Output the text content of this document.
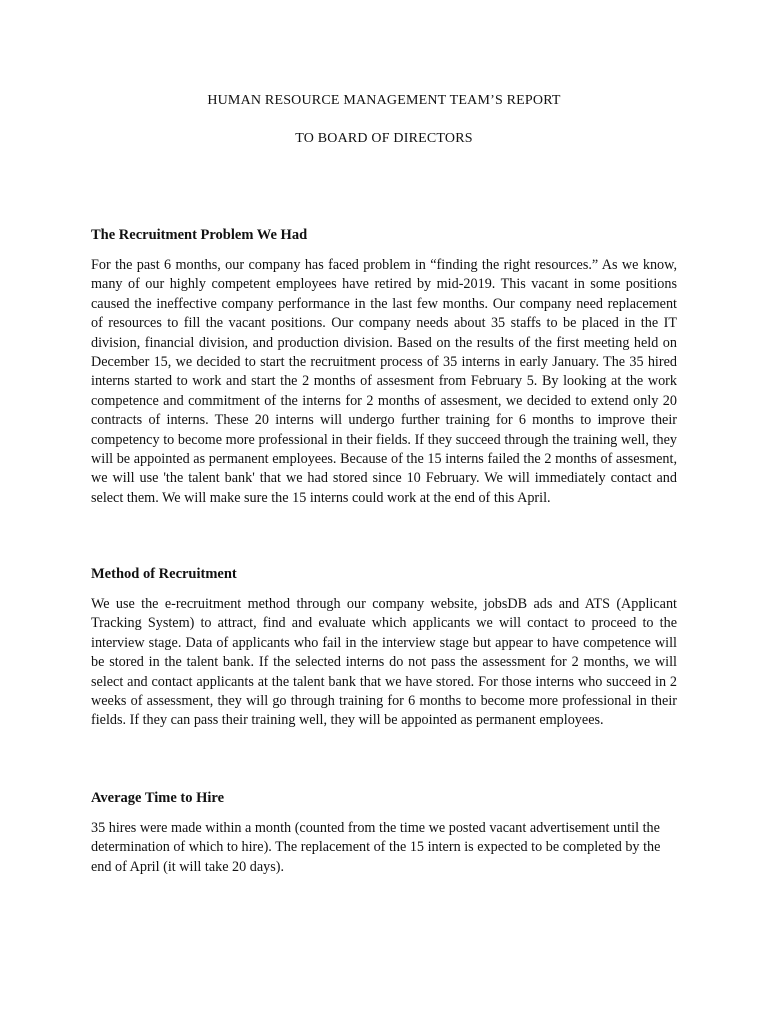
HUMAN RESOURCE MANAGEMENT TEAM’S REPORT
TO BOARD OF DIRECTORS
The Recruitment Problem We Had

For the past 6 months, our company has faced problem in “finding the right resources.” As we know, many of our highly competent employees have retired by mid-2019. This vacant in some positions caused the ineffective company performance in the last few months. Our company need replacement of resources to fill the vacant positions. Our company needs about 35 staffs to be placed in the IT division, financial division, and production division. Based on the results of the first meeting held on December 15, we decided to start the recruitment process of 35 interns in early January. The 35 hired interns started to work and start the 2 months of assesment from February 5. By looking at the work competence and commitment of the interns for 2 months of assesment, we decided to extend only 20 contracts of interns. These 20 interns will undergo further training for 6 months to improve their competency to become more professional in their fields. If they succeed through the training well, they will be appointed as permanent employees. Because of the 15 interns failed the 2 months of assesment, we will use 'the talent bank' that we had stored since 10 February. We will immediately contact and select them. We will make sure the 15 interns could work at the end of this April.

Method of Recruitment

We use the e-recruitment method through our company website, jobsDB ads and ATS (Applicant Tracking System) to attract, find and evaluate which applicants we will contact to proceed to the interview stage. Data of applicants who fail in the interview stage but appear to have competence will be stored in the talent bank. If the selected interns do not pass the assessment for 2 months, we will select and contact applicants at the talent bank that we have stored. For those interns who succeed in 2 weeks of assessment, they will go through training for 6 months to become more professional in their fields. If they can pass their training well, they will be appointed as permanent employees.

Average Time to Hire

35 hires were made within a month (counted from the time we posted vacant advertisement until the determination of which to hire). The replacement of the 15 intern is expected to be completed by the end of April (it will take 20 days).
